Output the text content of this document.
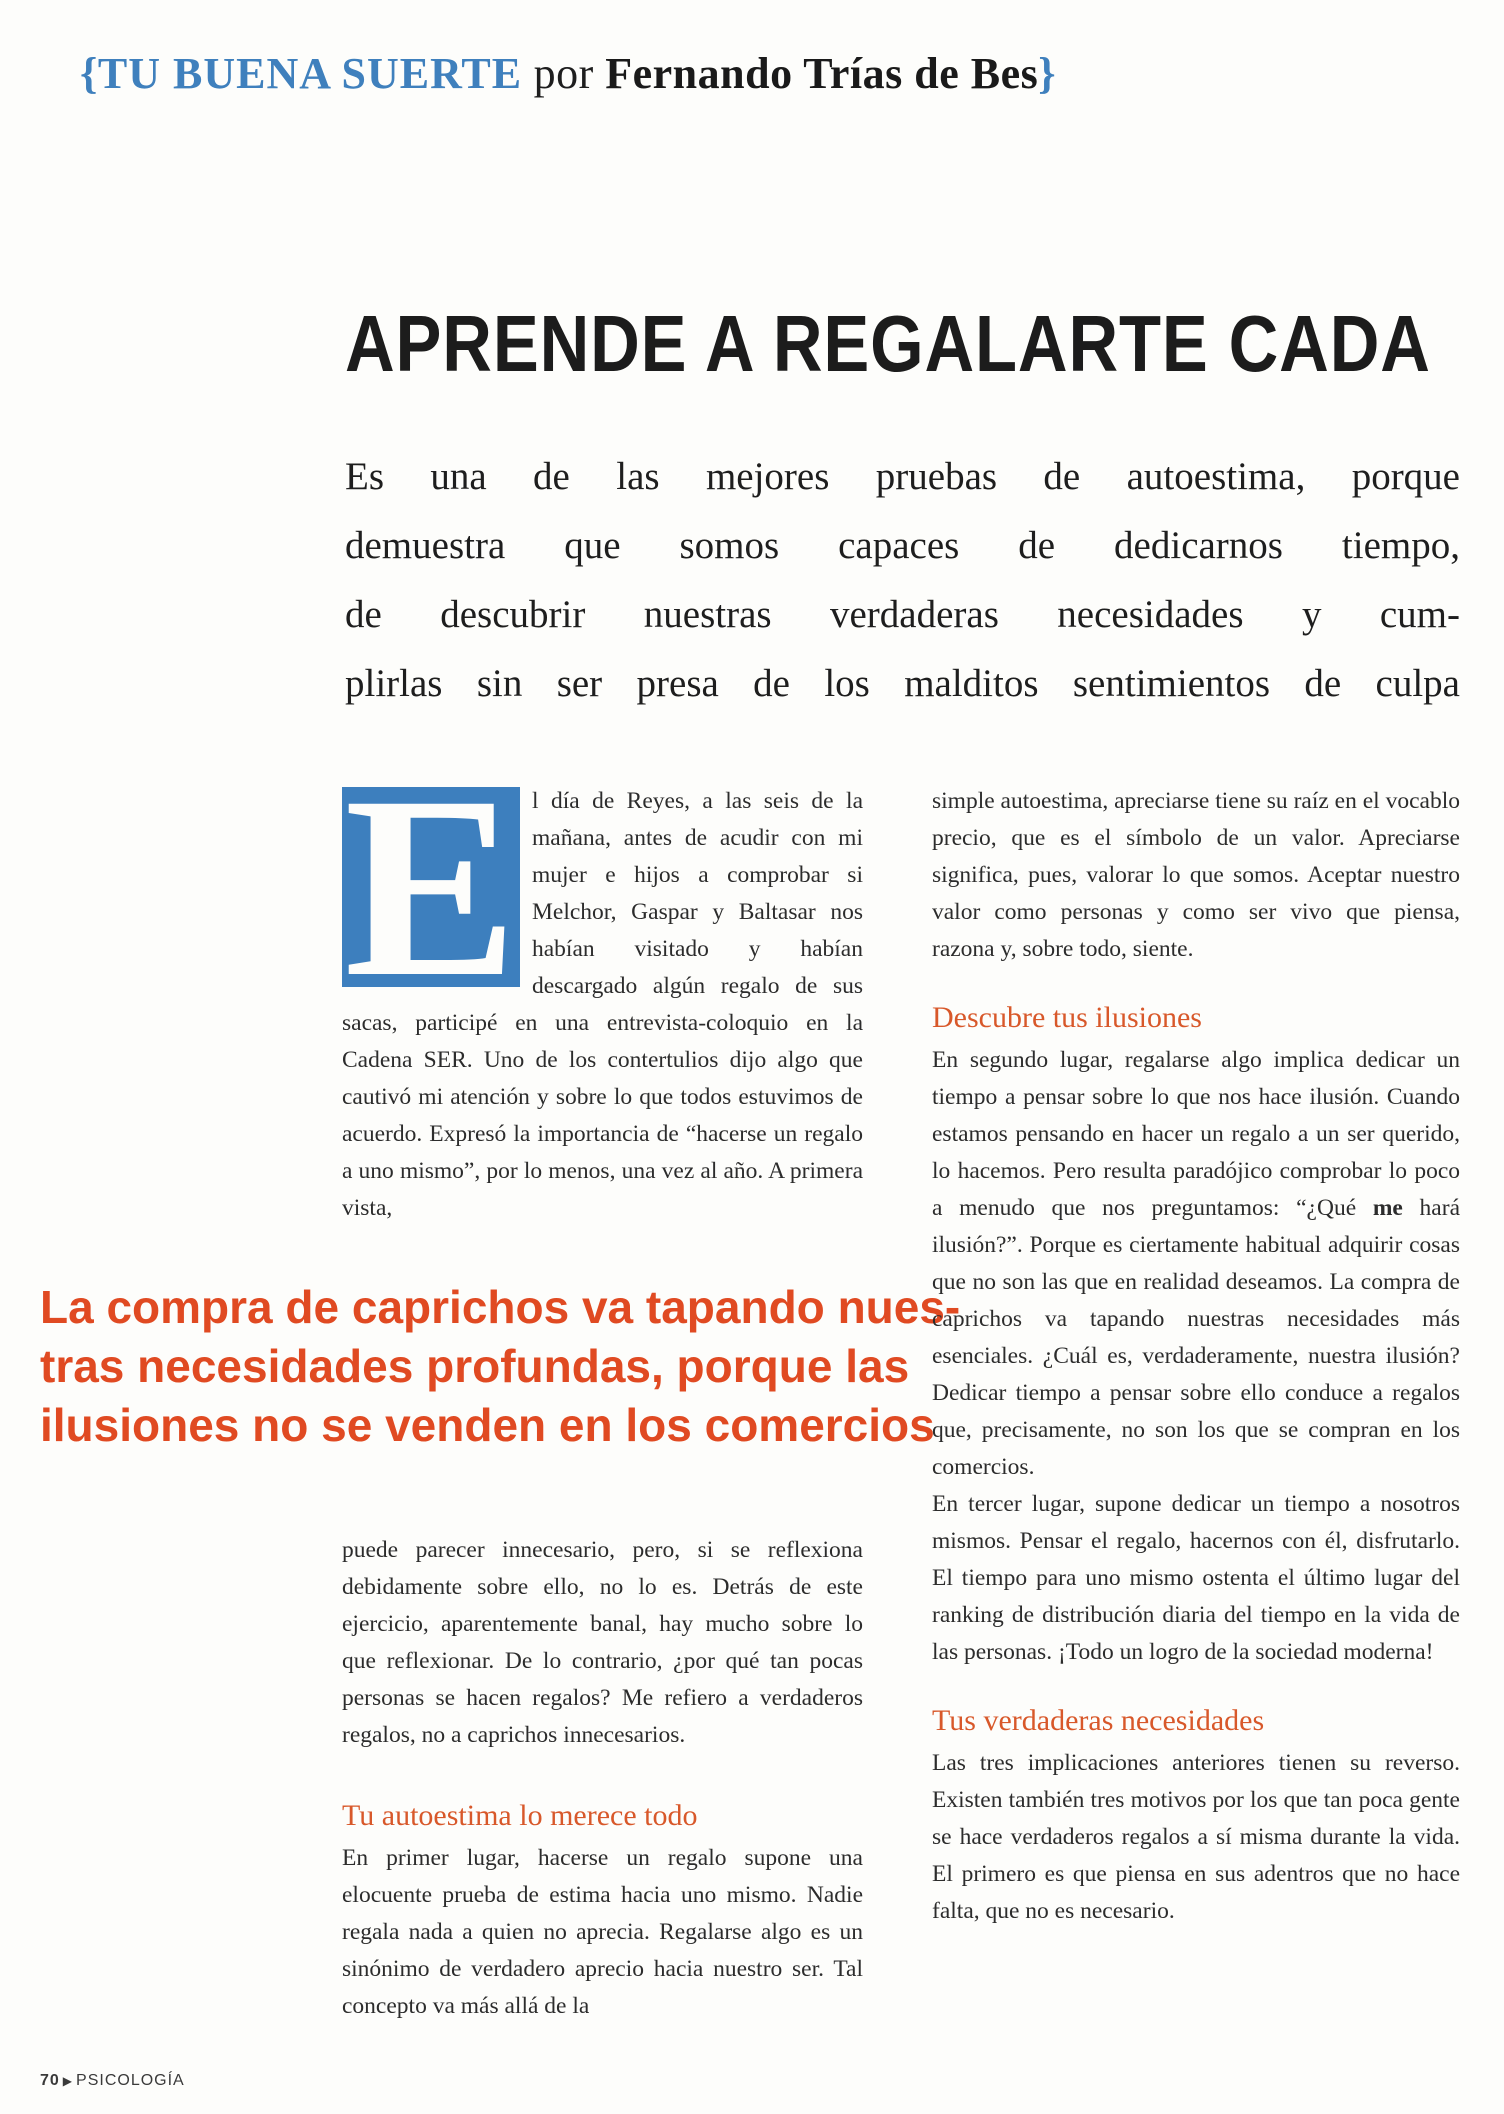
{TU BUENA SUERTE por Fernando Trías de Bes}
APRENDE A REGALARTE CADA
Es una de las mejores pruebas de autoestima, porque
demuestra que somos capaces de dedicarnos tiempo,
de descubrir nuestras verdaderas necesidades y cum-
plirlas sin ser presa de los malditos sentimientos de culpa
E l día de Reyes, a las seis de la mañana, antes de acudir con mi mujer e hijos a comprobar si Melchor, Gaspar y Baltasar nos habían visitado y habían descargado algún regalo de sus sacas, participé en una entrevista-coloquio en la Cadena SER. Uno de los contertulios dijo algo que cautivó mi atención y sobre lo que todos estuvimos de acuerdo. Expresó la importancia de “hacerse un regalo a uno mismo”, por lo menos, una vez al año. A primera vista,

La compra de caprichos va tapando nues-
tras necesidades profundas, porque las
ilusiones no se venden en los comercios

puede parecer innecesario, pero, si se reflexiona debidamente sobre ello, no lo es. Detrás de este ejercicio, aparentemente banal, hay mucho sobre lo que reflexionar. De lo contrario, ¿por qué tan pocas personas se hacen regalos? Me refiero a verdaderos regalos, no a caprichos innecesarios.

Tu autoestima lo merece todo

En primer lugar, hacerse un regalo supone una elocuente prueba de estima hacia uno mismo. Nadie regala nada a quien no aprecia. Regalarse algo es un sinónimo de verdadero aprecio hacia nuestro ser. Tal concepto va más allá de la

simple autoestima, apreciarse tiene su raíz en el vocablo precio, que es el símbolo de un valor. Apreciarse significa, pues, valorar lo que somos. Aceptar nuestro valor como personas y como ser vivo que piensa, razona y, sobre todo, siente.

Descubre tus ilusiones

En segundo lugar, regalarse algo implica dedicar un tiempo a pensar sobre lo que nos hace ilusión. Cuando estamos pensando en hacer un regalo a un ser querido, lo hacemos. Pero resulta paradójico comprobar lo poco a menudo que nos preguntamos: “¿Qué me hará ilusión?”. Porque es ciertamente habitual adquirir cosas que no son las que en realidad deseamos. La compra de caprichos va tapando nuestras necesidades más esenciales. ¿Cuál es, verdaderamente, nuestra ilusión? Dedicar tiempo a pensar sobre ello conduce a regalos que, precisamente, no son los que se compran en los comercios.

En tercer lugar, supone dedicar un tiempo a nosotros mismos. Pensar el regalo, hacernos con él, disfrutarlo. El tiempo para uno mismo ostenta el último lugar del ranking de distribución diaria del tiempo en la vida de las personas. ¡Todo un logro de la sociedad moderna!

Tus verdaderas necesidades

Las tres implicaciones anteriores tienen su reverso. Existen también tres motivos por los que tan poca gente se hace verdaderos regalos a sí misma durante la vida. El primero es que piensa en sus adentros que no hace falta, que no es necesario.

70 ▶ PSICOLOGÍA
